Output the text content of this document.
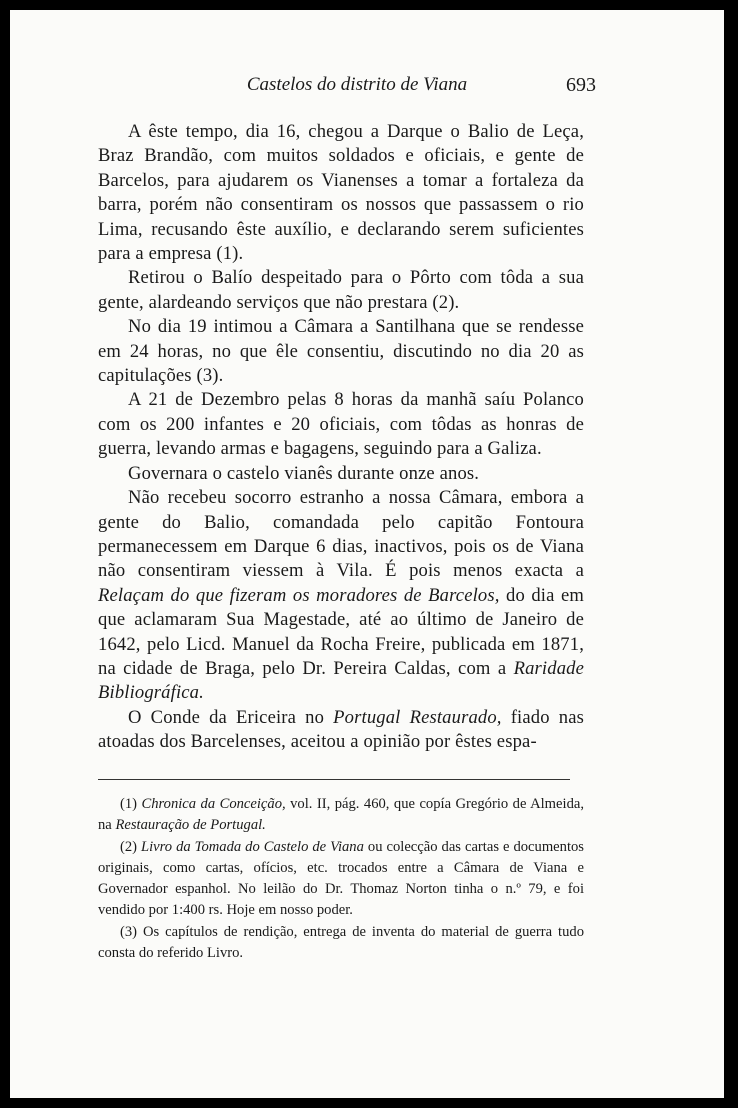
Castelos do distrito de Viana	693

A êste tempo, dia 16, chegou a Darque o Balio de Leça, Braz Brandão, com muitos soldados e oficiais, e gente de Barcelos, para ajudarem os Vianenses a tomar a fortaleza da barra, porém não consentiram os nossos que passassem o rio Lima, recusando êste auxílio, e declarando serem suficientes para a empresa (1).

Retirou o Balío despeitado para o Pôrto com tôda a sua gente, alardeando serviços que não prestara (2).

No dia 19 intimou a Câmara a Santilhana que se rendesse em 24 horas, no que êle consentiu, discutindo no dia 20 as capitulações (3).

A 21 de Dezembro pelas 8 horas da manhã saíu Polanco com os 200 infantes e 20 oficiais, com tôdas as honras de guerra, levando armas e bagagens, seguindo para a Galiza.

Governara o castelo vianês durante onze anos.

Não recebeu socorro estranho a nossa Câmara, embora a gente do Balio, comandada pelo capitão Fontoura permanecessem em Darque 6 dias, inactivos, pois os de Viana não consentiram viessem à Vila. É pois menos exacta a Relaçam do que fizeram os moradores de Barcelos, do dia em que aclamaram Sua Magestade, até ao último de Janeiro de 1642, pelo Licd. Manuel da Rocha Freire, publicada em 1871, na cidade de Braga, pelo Dr. Pereira Caldas, com a Raridade Bibliográfica.

O Conde da Ericeira no Portugal Restaurado, fiado nas atoadas dos Barcelenses, aceitou a opinião por êstes espa-

(1) Chronica da Conceição, vol. II, pág. 460, que copía Gregório de Almeida, na Restauração de Portugal.

(2) Livro da Tomada do Castelo de Viana ou colecção das cartas e documentos originais, como cartas, ofícios, etc. trocados entre a Câmara de Viana e Governador espanhol. No leilão do Dr. Thomaz Norton tinha o n.º 79, e foi vendido por 1:400 rs. Hoje em nosso poder.

(3) Os capítulos de rendição, entrega de inventa do material de guerra tudo consta do referido Livro.
